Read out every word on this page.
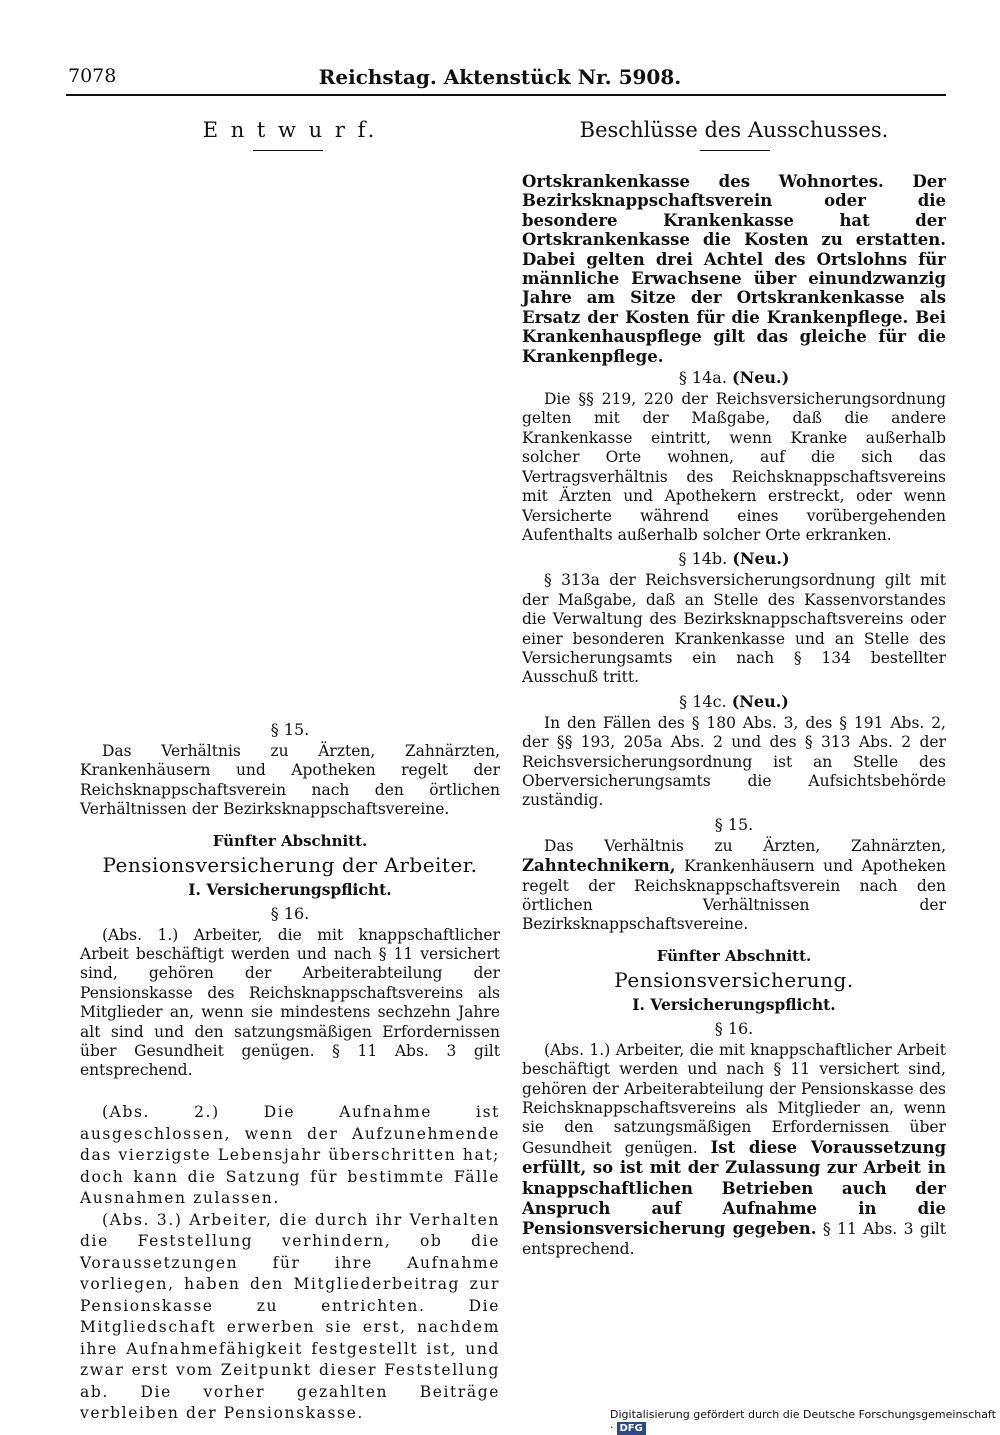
7078	Reichstag. Aktenstück Nr. 5908.
E n t w u r f.	Beschlüsse des Ausschusses.

Ortskrankenkasse des Wohnortes. Der Bezirksknappschaftsverein oder die besondere Krankenkasse hat der Ortskrankenkasse die Kosten zu erstatten. Dabei gelten drei Achtel des Ortslohns für männliche Erwachsene über einundzwanzig Jahre am Sitze der Ortskrankenkasse als Ersatz der Kosten für die Krankenpflege. Bei Krankenhauspflege gilt das gleiche für die Krankenpflege.

§ 14a. (Neu.)

Die §§ 219, 220 der Reichsversicherungsordnung gelten mit der Maßgabe, daß die andere Krankenkasse eintritt, wenn Kranke außerhalb solcher Orte wohnen, auf die sich das Vertragsverhältnis des Reichsknappschaftsvereins mit Ärzten und Apothekern erstreckt, oder wenn Versicherte während eines vorübergehenden Aufenthalts außerhalb solcher Orte erkranken.

§ 14b. (Neu.)

§ 313a der Reichsversicherungsordnung gilt mit der Maßgabe, daß an Stelle des Kassenvorstandes die Verwaltung des Bezirksknappschaftsvereins oder einer besonderen Krankenkasse und an Stelle des Versicherungsamts ein nach § 134 bestellter Ausschuß tritt.

§ 14c. (Neu.)

In den Fällen des § 180 Abs. 3, des § 191 Abs. 2, der §§ 193, 205a Abs. 2 und des § 313 Abs. 2 der Reichsversicherungsordnung ist an Stelle des Oberversicherungsamts die Aufsichtsbehörde zuständig.

§ 15.

Das Verhältnis zu Ärzten, Zahnärzten, Zahntechnikern, Krankenhäusern und Apotheken regelt der Reichsknappschaftsverein nach den örtlichen Verhältnissen der Bezirksknappschaftsvereine.

Fünfter Abschnitt.

Pensionsversicherung.

I. Versicherungspflicht.

§ 16.

(Abs. 1.) Arbeiter, die mit knappschaftlicher Arbeit beschäftigt werden und nach § 11 versichert sind, gehören der Arbeiterabteilung der Pensionskasse des Reichsknappschaftsvereins als Mitglieder an, wenn sie den satzungsmäßigen Erfordernissen über Gesundheit genügen. Ist diese Voraussetzung erfüllt, so ist mit der Zulassung zur Arbeit in knappschaftlichen Betrieben auch der Anspruch auf Aufnahme in die Pensionsversicherung gegeben. § 11 Abs. 3 gilt entsprechend.

§ 15.

Das Verhältnis zu Ärzten, Zahnärzten, Krankenhäusern und Apotheken regelt der Reichsknappschaftsverein nach den örtlichen Verhältnissen der Bezirksknappschaftsvereine.

Fünfter Abschnitt.

Pensionsversicherung der Arbeiter.

I. Versicherungspflicht.

§ 16.

(Abs. 1.) Arbeiter, die mit knappschaftlicher Arbeit beschäftigt werden und nach § 11 versichert sind, gehören der Arbeiterabteilung der Pensionskasse des Reichsknappschaftsvereins als Mitglieder an, wenn sie mindestens sechzehn Jahre alt sind und den satzungsmäßigen Erfordernissen über Gesundheit genügen. § 11 Abs. 3 gilt entsprechend.

(Abs. 2.) Die Aufnahme ist ausgeschlossen, wenn der Aufzunehmende das vierzigste Lebensjahr überschritten hat; doch kann die Satzung für bestimmte Fälle Ausnahmen zulassen.

(Abs. 3.) Arbeiter, die durch ihr Verhalten die Feststellung verhindern, ob die Voraussetzungen für ihre Aufnahme vorliegen, haben den Mitgliederbeitrag zur Pensionskasse zu entrichten. Die Mitgliedschaft erwerben sie erst, nachdem ihre Aufnahmefähigkeit festgestellt ist, und zwar erst vom Zeitpunkt dieser Feststellung ab. Die vorher gezahlten Beiträge verbleiben der Pensionskasse.	Digitalisierung gefördert durch die Deutsche Forschungsgemeinschaft · DFG
